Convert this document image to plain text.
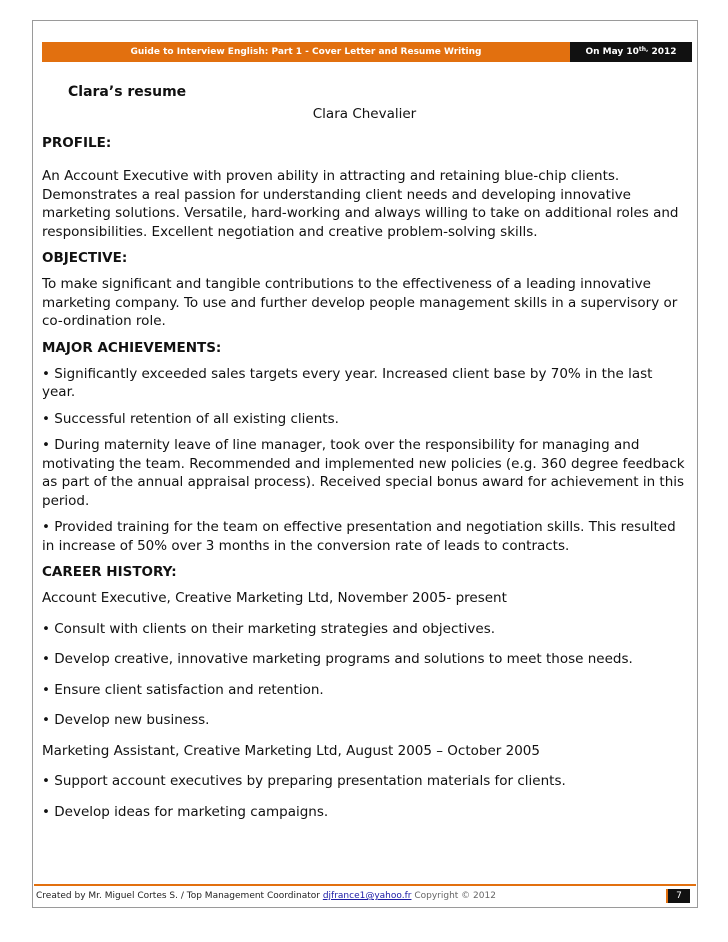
Guide to Interview English: Part 1 - Cover Letter and Resume Writing	On May $10^{th,}$ 2012
Clara’s resume
Clara Chevalier
PROFILE:

An Account Executive with proven ability in attracting and retaining blue-chip clients. Demonstrates a real passion for understanding client needs and developing innovative marketing solutions. Versatile, hard-working and always willing to take on additional roles and responsibilities. Excellent negotiation and creative problem-solving skills.

OBJECTIVE:

To make significant and tangible contributions to the effectiveness of a leading innovative marketing company. To use and further develop people management skills in a supervisory or co-ordination role.

MAJOR ACHIEVEMENTS:

• Significantly exceeded sales targets every year. Increased client base by 70% in the last year.

• Successful retention of all existing clients.

• During maternity leave of line manager, took over the responsibility for managing and motivating the team. Recommended and implemented new policies (e.g. 360 degree feedback as part of the annual appraisal process). Received special bonus award for achievement in this period.

• Provided training for the team on effective presentation and negotiation skills. This resulted in increase of 50% over 3 months in the conversion rate of leads to contracts.

CAREER HISTORY:

Account Executive, Creative Marketing Ltd, November 2005- present

• Consult with clients on their marketing strategies and objectives.

• Develop creative, innovative marketing programs and solutions to meet those needs.

• Ensure client satisfaction and retention.

• Develop new business.

Marketing Assistant, Creative Marketing Ltd, August 2005 – October 2005

• Support account executives by preparing presentation materials for clients.

• Develop ideas for marketing campaigns.

Created by Mr. Miguel Cortes S. / Top Management Coordinator djfrance1@yahoo.fr Copyright © 2012	7
